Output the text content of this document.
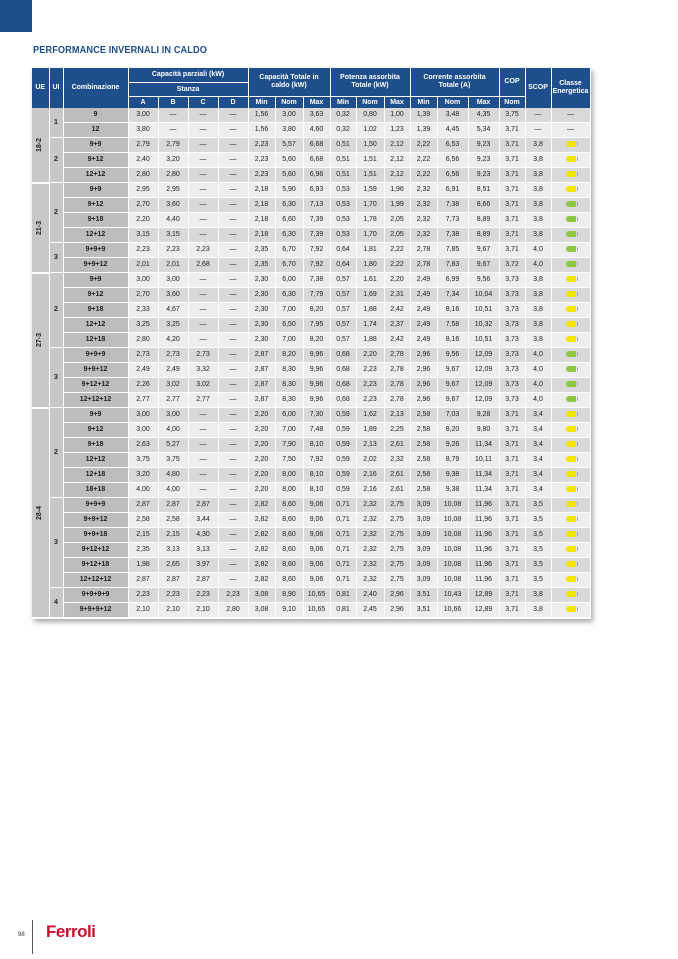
PERFORMANCE INVERNALI IN CALDO
UE	UI	Combinazione	Capacità parziali (kW)				Capacità Totale in
caldo (kW)			Potenza assorbita
Totale (kW)			Corrente assorbita
Totale (A)			COP	SCOP	Classe
Energetica
			Stanza															
			A	B	C	D	Min	Nom	Max	Min	Nom	Max	Min	Nom	Max	Nom		
18-2	1	9	3,00	—	—	—	1,56	3,00	3,63	0,32	0,80	1,00	1,39	3,48	4,35	3,75	—	—
		12	3,80	—	—	—	1,56	3,80	4,60	0,32	1,02	1,23	1,39	4,45	5,34	3,71	—	—
	2	9+9	2,79	2,79	—	—	2,23	5,57	6,68	0,51	1,50	2,12	2,22	6,53	9,23	3,71	3,8	
		9+12	2,40	3,20	—	—	2,23	5,60	6,68	0,51	1,51	2,12	2,22	6,56	9,23	3,71	3,8	
		12+12	2,80	2,80	—	—	2,23	5,60	6,96	0,51	1,51	2,12	2,22	6,56	9,23	3,71	3,8	
21-3	2	9+9	2,95	2,95	—	—	2,18	5,90	6,93	0,53	1,59	1,96	2,32	6,91	8,51	3,71	3,8	
		9+12	2,70	3,60	—	—	2,18	6,30	7,13	0,53	1,70	1,99	2,32	7,38	8,66	3,71	3,8	
		9+18	2,20	4,40	—	—	2,18	6,60	7,39	0,53	1,78	2,05	2,32	7,73	8,89	3,71	3,8	
		12+12	3,15	3,15	—	—	2,18	6,30	7,39	0,53	1,70	2,05	2,32	7,38	8,89	3,71	3,8	
	3	9+9+9	2,23	2,23	2,23	—	2,35	6,70	7,92	0,64	1,81	2,22	2,78	7,85	9,67	3,71	4,0	
		9+9+12	2,01	2,01	2,68	—	2,35	6,70	7,92	0,64	1,80	2,22	2,78	7,83	9,67	3,72	4,0	
27-3	2	9+9	3,00	3,00	—	—	2,30	6,00	7,38	0,57	1,61	2,20	2,49	6,99	9,56	3,73	3,8	
		9+12	2,70	3,60	—	—	2,30	6,30	7,79	0,57	1,69	2,31	2,49	7,34	10,04	3,73	3,8	
		9+18	2,33	4,67	—	—	2,30	7,00	8,20	0,57	1,88	2,42	2,49	8,16	10,51	3,73	3,8	
		12+12	3,25	3,25	—	—	2,30	6,50	7,95	0,57	1,74	2,37	2,49	7,58	10,32	3,73	3,8	
		12+18	2,80	4,20	—	—	2,30	7,00	8,20	0,57	1,88	2,42	2,49	8,16	10,51	3,73	3,8	
	3	9+9+9	2,73	2,73	2,73	—	2,87	8,20	9,96	0,68	2,20	2,78	2,96	9,56	12,09	3,73	4,0	
		9+9+12	2,49	2,49	3,32	—	2,87	8,30	9,96	0,68	2,23	2,78	2,96	9,67	12,09	3,73	4,0	
		9+12+12	2,26	3,02	3,02	—	2,87	8,30	9,96	0,68	2,23	2,78	2,96	9,67	12,09	3,73	4,0	
		12+12+12	2,77	2,77	2,77	—	2,87	8,30	9,96	0,68	2,23	2,78	2,96	9,67	12,09	3,73	4,0	
28-4	2	9+9	3,00	3,00	—	—	2,20	6,00	7,30	0,59	1,62	2,13	2,58	7,03	9,28	3,71	3,4	
		9+12	3,00	4,00	—	—	2,20	7,00	7,48	0,59	1,89	2,25	2,58	8,20	9,80	3,71	3,4	
		9+18	2,63	5,27	—	—	2,20	7,90	8,10	0,59	2,13	2,61	2,58	9,26	11,34	3,71	3,4	
		12+12	3,75	3,75	—	—	2,20	7,50	7,92	0,59	2,02	2,32	2,58	8,79	10,11	3,71	3,4	
		12+18	3,20	4,80	—	—	2,20	8,00	8,10	0,59	2,16	2,61	2,58	9,38	11,34	3,71	3,4	
		18+18	4,00	4,00	—	—	2,20	8,00	8,10	0,59	2,16	2,61	2,58	9,38	11,34	3,71	3,4	
	3	9+9+9	2,87	2,87	2,87	—	2,82	8,60	9,06	0,71	2,32	2,75	3,09	10,08	11,96	3,71	3,5	
		9+9+12	2,58	2,58	3,44	—	2,82	8,60	9,06	0,71	2,32	2,75	3,09	10,08	11,96	3,71	3,5	
		9+9+18	2,15	2,15	4,30	—	2,82	8,60	9,06	0,71	2,32	2,75	3,09	10,08	11,96	3,71	3,5	
		9+12+12	2,35	3,13	3,13	—	2,82	8,60	9,06	0,71	2,32	2,75	3,09	10,08	11,96	3,71	3,5	
		9+12+18	1,98	2,65	3,97	—	2,82	8,60	9,06	0,71	2,32	2,75	3,09	10,08	11,96	3,71	3,5	
		12+12+12	2,87	2,87	2,87	—	2,82	8,60	9,06	0,71	2,32	2,75	3,09	10,08	11,96	3,71	3,5	
	4	9+9+9+9	2,23	2,23	2,23	2,23	3,08	8,90	10,65	0,81	2,40	2,96	3,51	10,43	12,89	3,71	3,8	
		9+9+9+12	2,10	2,10	2,10	2,80	3,08	9,10	10,65	0,81	2,45	2,96	3,51	10,66	12,89	3,71	3,8	
98 Ferroli
